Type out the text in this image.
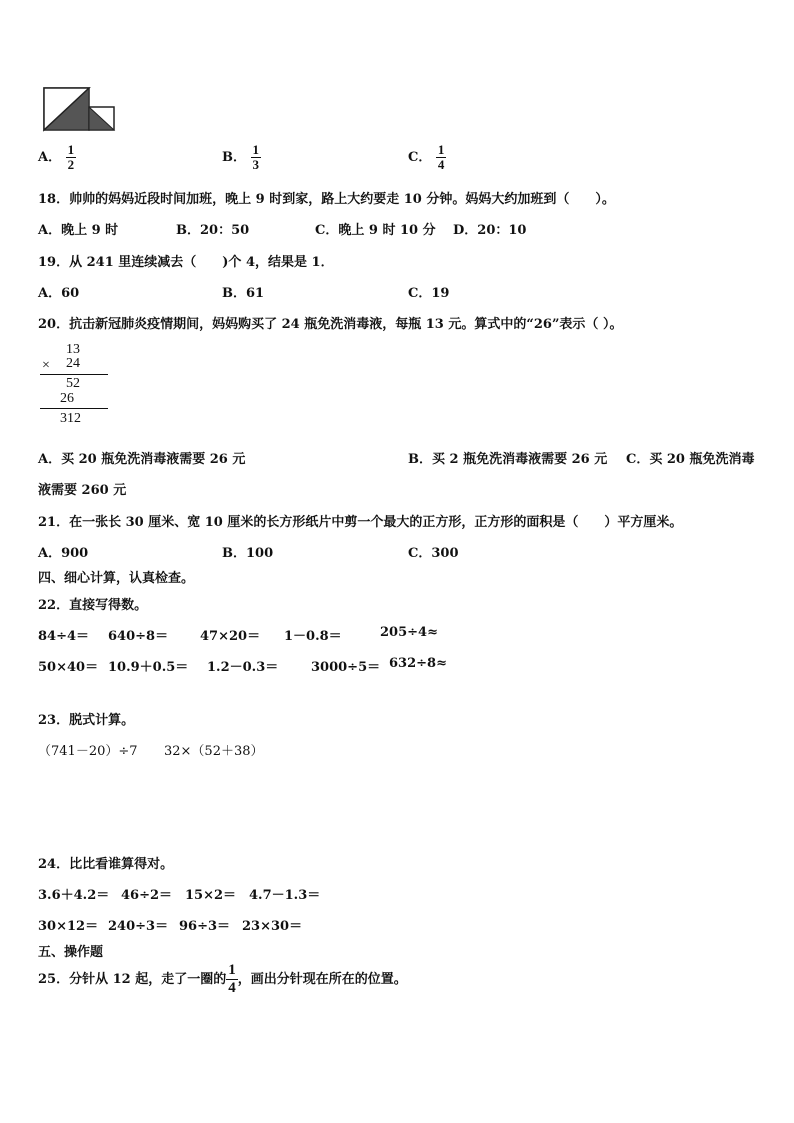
A． $\frac{1}{2}$	B． $\frac{1}{3}$	C． $\frac{1}{4}$
18．帅帅的妈妈近段时间加班，晚上 9 时到家，路上大约要走 10 分钟。妈妈大约加班到（　　）。
A．晚上 9 时	B．20：50	C．晚上 9 时 10 分 D．20：10
19．从 241 里连续减去（　　)个 4，结果是 1．
A．60	B．61	C．19
20．抗击新冠肺炎疫情期间，妈妈购买了 24 瓶免洗消毒液，每瓶 13 元。算式中的“26”表示（ ）。
13
× 24
52
26
312
A．买 20 瓶免洗消毒液需要 26 元	B．买 2 瓶免洗消毒液需要 26 元 C．买 20 瓶免洗消毒
液需要 260 元
21．在一张长 30 厘米、宽 10 厘米的长方形纸片中剪一个最大的正方形，正方形的面积是（　　）平方厘米。
A．900	B．100	C．300
四、细心计算，认真检查。
22．直接写得数。
84÷4＝ 640÷8＝ 47×20＝ 1－0.8＝	205÷4≈
50×40＝ 10.9＋0.5＝ 1.2－0.3＝	3000÷5＝ 632÷8≈
23．脱式计算。
（741－20）÷7 32×（52＋38）
24．比比看谁算得对。
3.6＋4.2＝ 46÷2＝ 15×2＝ 4.7－1.3＝
30×12＝ 240÷3＝ 96÷3＝ 23×30＝
五、操作题
25．分针从 12 起，走了一圈的 $\frac{1}{4}$ ，画出分针现在所在的位置。
